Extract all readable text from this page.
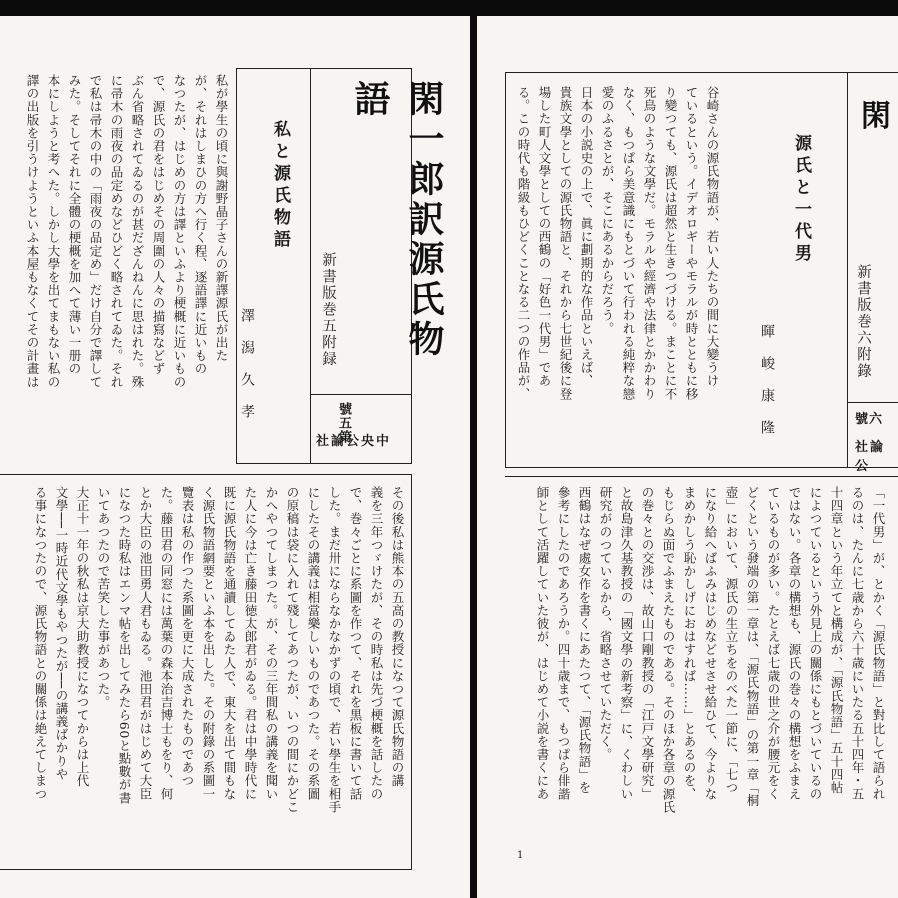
私が學生の頃に與謝野晶子さんの新譯源氏が出た
が、それはしまひの方へ行く程、逐語譯に近いもの
なつたが、はじめの方は譯といふより梗概に近いもの
で、源氏の君をはじめその周圍の人々の描寫などず
ぶん省略されてゐるのが甚だざんねんに思はれた。殊
に帚木の雨夜の品定めなどひどく略されてゐた。それ
で私は帚木の中の「雨夜の品定め」だけ自分で譯して
みた。そしてそれに全體の梗概を加へて薄い一册の
本にしようと考へた。しかし大學を出てまもない私の
譯の出版を引うけようといふ本屋もなくてその計畫は	私と源氏物語
澤潟久孝
閑一郎訳源氏物語
新書版巻五附録
號五第
社論公央中
その後私は熊本の五高の教授になつて源氏物語の講
義を三年つゞけたが、その時私は先づ梗概を話したの
で、巻々ごとに系圖を作つて、それを黒板に書いて話
した。まだ卅にならなかなかずの頃で、若い學生を相手
にしたその講義は相當樂しいものであつた。その系圖
の原稿は袋に入れて殘してあつたが、いつの間にかどこ
かへやつてしまつた。が、その三年間私の講義を聞い
た人に今は亡き藤田徳太郎君がゐる。君は中學時代に
既に源氏物語を通讀してゐた人で、東大を出て間もな
く源氏物語網要といふ本を出した。その附錄の系圖一
覽表は私の作つた系圖を更に大成されたものであつ
た。藤田君の同窓には萬葉の森本治吉博士もをり、何
とか大臣の池田勇人君もゐる。池田君がはじめて大臣
になつた時私はエンマ帖を出してみたら60と點數が書
いてあつたので苦笑した事があつた。
大正十一年の秋私は京大助教授になつてからは上代
文學──一時近代文學もやつたが──の講義ばかりや
る事になつたので、源氏物語との關係は絶えてしまつ
谷崎さんの源氏物語が、若い人たちの間に大變うけ
ているという。イデオロギーやモラルが時とともに移
り變つても、源氏は超然と生きつづける。まことに不
死鳥のような文學だ。モラルや經濟や法律とかかわり
なく、もつぱら美意識にもとづいて行われる純粹な戀
愛のふるさとが、そこにあるからだろう。
日本の小説史の上で、眞に劃期的な作品といえば、
貴族文學としての源氏物語と、それから七世紀後に登
場した町人文學としての西鶴の「好色一代男」であ
る。この時代も階級もひどくことなる二つの作品が、	源氏と一代男
暉峻康隆
閑
新書版巻六附錄
號六
社論公
「一代男」が、とかく「源氏物語」と對比して語られ
るのは、たんに七歳から六十歳にいたる五十四年・五
十四章という年立てと構成が、「源氏物語」五十四帖
によつているという外見上の關係にもとづいているの
ではない。各章の構想も、源氏の巻々の構想をふまえ
ているものが多い。たとえば七歳の世之介が腰元をく
どくという發端の第一章は、「源氏物語」の第一章「桐
壺」において、源氏の生立ちをのべた一節に、「七つ
になり給へばふみはじめなどせさせ給ひて、今よりな
まめかしう恥かしげにおはすれば……」とあるのを、
もじらぬ面でふまえたものである。そのほか各章の源氏
の巻々との交渉は、故山口剛教授の「江戸文學研究」
と故島津久基教授の「國文學の新考察」に、くわしい
研究がのつているから、省略させていただく。
西鶴はなぜ處女作を書くにあたつて、「源氏物語」を
參考にしたのであろうか。四十歳まで、もつぱら俳諧
師として活躍していた彼が、はじめて小説を書くにあ
1
